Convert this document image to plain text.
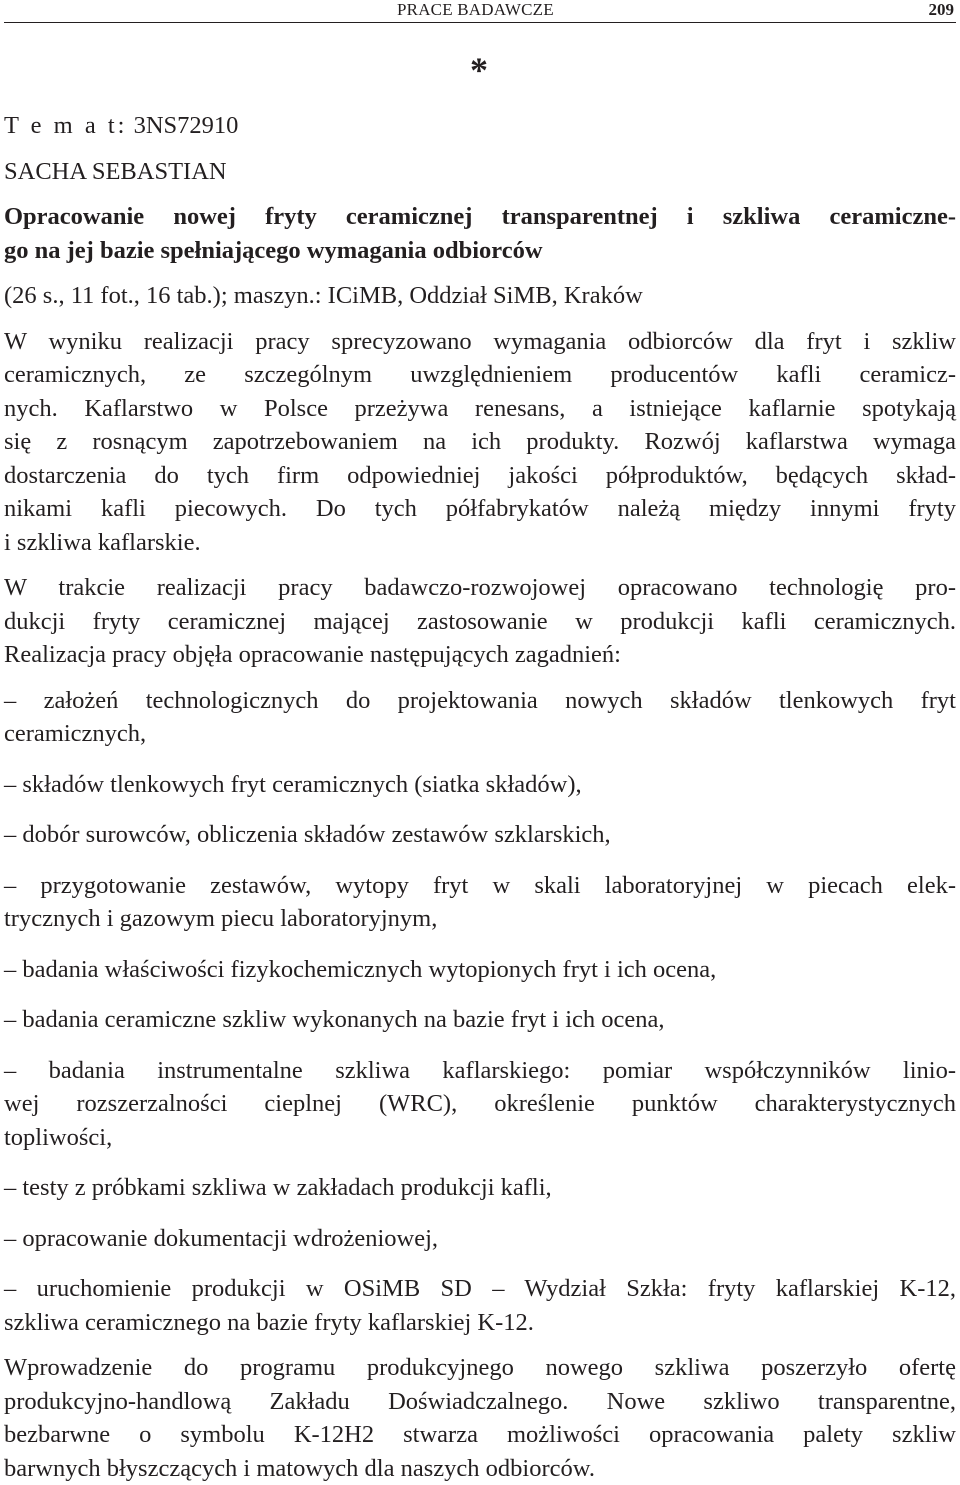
PRACE BADAWCZE	209
*
T e m a t: 3NS72910
SACHA SEBASTIAN
Opracowanie nowej fryty ceramicznej transparentnej i szkliwa ceramiczne-
go na jej bazie spełniającego wymagania odbiorców
(26 s., 11 fot., 16 tab.); maszyn.: ICiMB, Oddział SiMB, Kraków
W wyniku realizacji pracy sprecyzowano wymagania odbiorców dla fryt i szkliw
ceramicznych, ze szczególnym uwzględnieniem producentów kafli ceramicz-
nych. Kaflarstwo w Polsce przeżywa renesans, a istniejące kaflarnie spotykają
się z rosnącym zapotrzebowaniem na ich produkty. Rozwój kaflarstwa wymaga
dostarczenia do tych firm odpowiedniej jakości półproduktów, będących skład-
nikami kafli piecowych. Do tych półfabrykatów należą między innymi fryty
i szkliwa kaflarskie.
W trakcie realizacji pracy badawczo-rozwojowej opracowano technologię pro-
dukcji fryty ceramicznej mającej zastosowanie w produkcji kafli ceramicznych.
Realizacja pracy objęła opracowanie następujących zagadnień:
– założeń technologicznych do projektowania nowych składów tlenkowych fryt
ceramicznych,
– składów tlenkowych fryt ceramicznych (siatka składów),
– dobór surowców, obliczenia składów zestawów szklarskich,
– przygotowanie zestawów, wytopy fryt w skali laboratoryjnej w piecach elek-
trycznych i gazowym piecu laboratoryjnym,
– badania właściwości fizykochemicznych wytopionych fryt i ich ocena,
– badania ceramiczne szkliw wykonanych na bazie fryt i ich ocena,
– badania instrumentalne szkliwa kaflarskiego: pomiar współczynników linio-
wej rozszerzalności cieplnej (WRC), określenie punktów charakterystycznych
topliwości,
– testy z próbkami szkliwa w zakładach produkcji kafli,
– opracowanie dokumentacji wdrożeniowej,
– uruchomienie produkcji w OSiMB SD – Wydział Szkła: fryty kaflarskiej K-12,
szkliwa ceramicznego na bazie fryty kaflarskiej K-12.
Wprowadzenie do programu produkcyjnego nowego szkliwa poszerzyło ofertę
produkcyjno-handlową Zakładu Doświadczalnego. Nowe szkliwo transparentne,
bezbarwne o symbolu K-12H2 stwarza możliwości opracowania palety szkliw
barwnych błyszczących i matowych dla naszych odbiorców.
